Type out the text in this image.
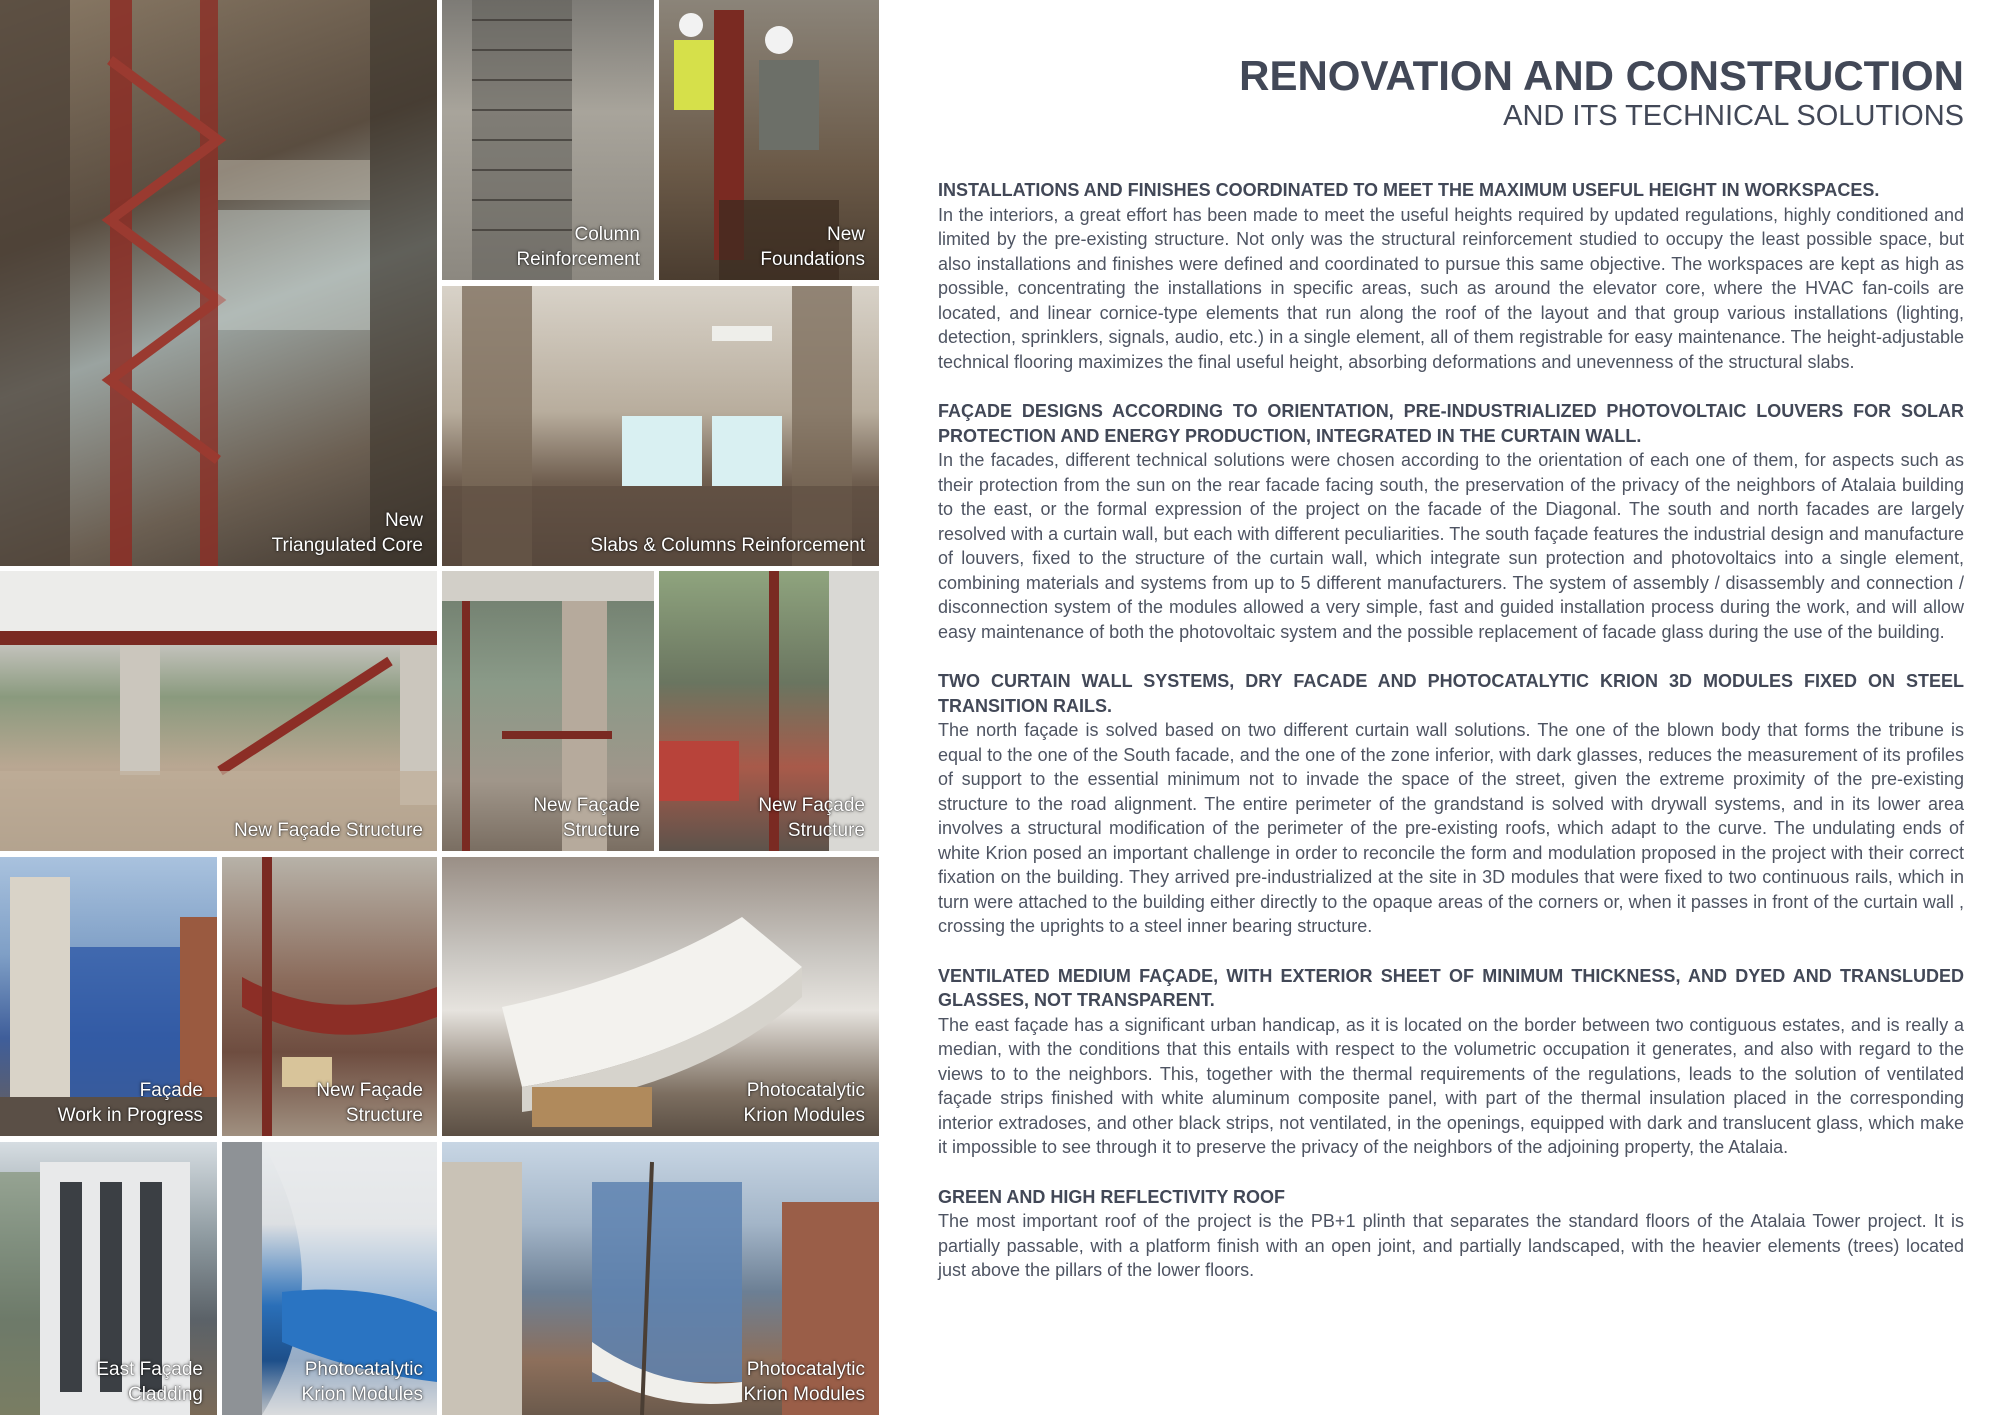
New
Triangulated Core
Column
Reinforcement
New
Foundations
Slabs & Columns Reinforcement
New Façade Structure
New Façade
Structure
New Façade
Structure
Façade
Work in Progress
New Façade
Structure
Photocatalytic
Krion Modules
East Façade
Cladding
Photocatalytic
Krion Modules
Photocatalytic
Krion Modules
RENOVATION AND CONSTRUCTION
AND ITS TECHNICAL SOLUTIONS
INSTALLATIONS AND FINISHES COORDINATED TO MEET THE MAXIMUM USEFUL HEIGHT IN WORKSPACES.

In the interiors, a great effort has been made to meet the useful heights required by updated regulations, highly conditioned and limited by the pre-existing structure. Not only was the structural reinforcement studied to occupy the least possible space, but also installations and finishes were defined and coordinated to pursue this same objective. The workspaces are kept as high as possible, concentrating the installations in specific areas, such as around the elevator core, where the HVAC fan-coils are located, and linear cornice-type elements that run along the roof of the layout and that group various installations (lighting, detection, sprinklers, signals, audio, etc.) in a single element, all of them registrable for easy maintenance. The height-adjustable technical flooring maximizes the final useful height, absorbing deformations and unevenness of the structural slabs.

FAÇADE DESIGNS ACCORDING TO ORIENTATION, PRE-INDUSTRIALIZED PHOTOVOLTAIC LOUVERS FOR SOLAR PROTECTION AND ENERGY PRODUCTION, INTEGRATED IN THE CURTAIN WALL.

In the facades, different technical solutions were chosen according to the orientation of each one of them, for aspects such as their protection from the sun on the rear facade facing south, the preservation of the privacy of the neighbors of Atalaia building to the east, or the formal expression of the project on the facade of the Diagonal. The south and north facades are largely resolved with a curtain wall, but each with different peculiarities. The south façade features the industrial design and manufacture of louvers, fixed to the structure of the curtain wall, which integrate sun protection and photovoltaics into a single element, combining materials and systems from up to 5 different manufacturers. The system of assembly / disassembly and connection / disconnection system of the modules allowed a very simple, fast and guided installation process during the work, and will allow easy maintenance of both the photovoltaic system and the possible replacement of facade glass during the use of the building.

TWO CURTAIN WALL SYSTEMS, DRY FACADE AND PHOTOCATALYTIC KRION 3D MODULES FIXED ON STEEL TRANSITION RAILS.

The north façade is solved based on two different curtain wall solutions. The one of the blown body that forms the tribune is equal to the one of the South facade, and the one of the zone inferior, with dark glasses, reduces the measurement of its profiles of support to the essential minimum not to invade the space of the street, given the extreme proximity of the pre-existing structure to the road alignment. The entire perimeter of the grandstand is solved with drywall systems, and in its lower area involves a structural modification of the perimeter of the pre-existing roofs, which adapt to the curve. The undulating ends of white Krion posed an important challenge in order to reconcile the form and modulation proposed in the project with their correct fixation on the building. They arrived pre-industrialized at the site in 3D modules that were fixed to two continuous rails, which in turn were attached to the building either directly to the opaque areas of the corners or, when it passes in front of the curtain wall , crossing the uprights to a steel inner bearing structure.

VENTILATED MEDIUM FAÇADE, WITH EXTERIOR SHEET OF MINIMUM THICKNESS, AND DYED AND TRANSLUDED GLASSES, NOT TRANSPARENT.

The east façade has a significant urban handicap, as it is located on the border between two contiguous estates, and is really a median, with the conditions that this entails with respect to the volumetric occupation it generates, and also with regard to the views to to the neighbors. This, together with the thermal requirements of the regulations, leads to the solution of ventilated façade strips finished with white aluminum composite panel, with part of the thermal insulation placed in the corresponding interior extradoses, and other black strips, not ventilated, in the openings, equipped with dark and translucent glass, which make it impossible to see through it to preserve the privacy of the neighbors of the adjoining property, the Atalaia.

GREEN AND HIGH REFLECTIVITY ROOF

The most important roof of the project is the PB+1 plinth that separates the standard floors of the Atalaia Tower project. It is partially passable, with a platform finish with an open joint, and partially landscaped, with the heavier elements (trees) located just above the pillars of the lower floors.
